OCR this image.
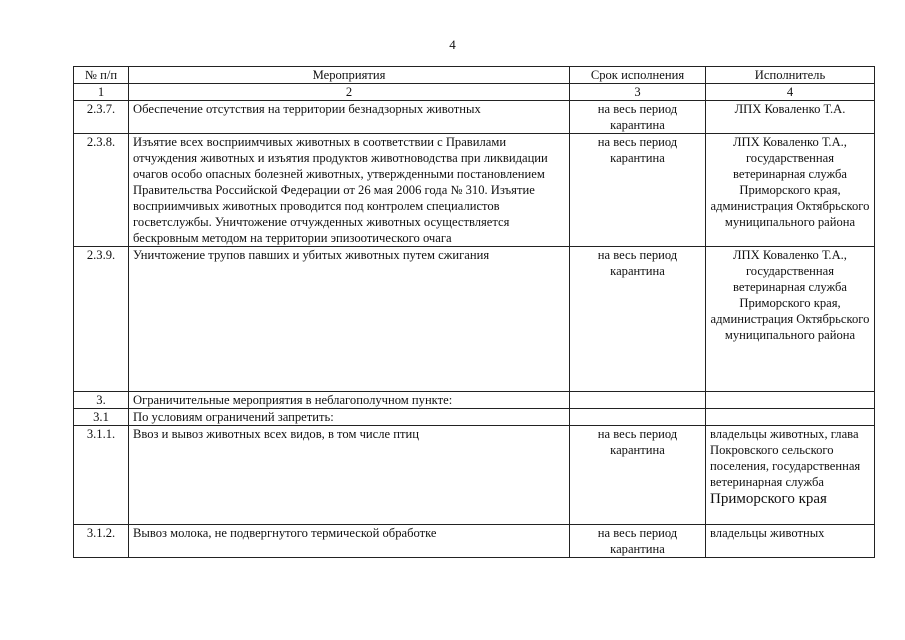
4
№ п/п	Мероприятия	Срок исполнения	Исполнитель
1	2	3	4
2.3.7.	Обеспечение отсутствия на территории безнадзорных животных	на весь период карантина	ЛПХ Коваленко Т.А.
2.3.8.	Изъятие всех восприимчивых животных в соответствии с Правилами отчуждения животных и изъятия продуктов животноводства при ликвидации очагов особо опасных болезней животных, утвержденными постановлением Правительства Российской Федерации от 26 мая 2006 года № 310. Изъятие восприимчивых животных проводится под контролем специалистов госветслужбы. Уничтожение отчужденных животных осуществляется бескровным методом на территории эпизоотического очага	на весь период карантина	ЛПХ Коваленко Т.А., государственная ветеринарная служба Приморского края, администрация Октябрьского муниципального района
2.3.9.	Уничтожение трупов павших и убитых животных путем сжигания	на весь период карантина	ЛПХ Коваленко Т.А., государственная ветеринарная служба Приморского края, администрация Октябрьского муниципального района
3.	Ограничительные мероприятия в неблагополучном пункте:		
3.1	По условиям ограничений запретить:		
3.1.1.	Ввоз и вывоз животных всех видов, в том числе птиц	на весь период карантина	владельцы животных, глава Покровского сельского поселения, государственная ветеринарная служба Приморского края
3.1.2.	Вывоз молока, не подвергнутого термической обработке	на весь период карантина	владельцы животных
